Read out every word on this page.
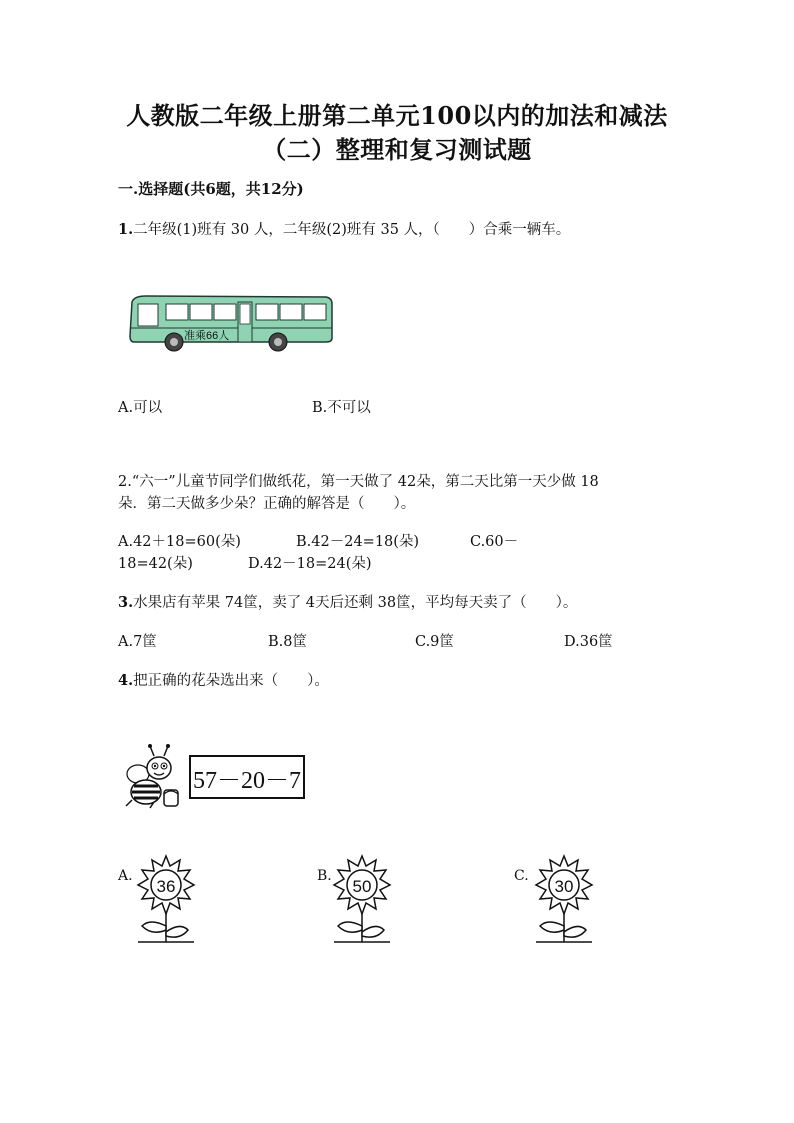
人教版二年级上册第二单元100以内的加法和减法
（二）整理和复习测试题
一.选择题(共6题，共12分)
1.二年级(1)班有 30 人，二年级(2)班有 35 人，（　　）合乘一辆车。
准乘66人
A.可以	B.不可以
2.“六一”儿童节同学们做纸花，第一天做了 42朵，第二天比第一天少做 18
朵．第二天做多少朵？正确的解答是（　　）。
A.42＋18=60(朵)	B.42－24=18(朵)	C.60－
18=42(朵)	D.42－18=24(朵)
3.水果店有苹果 74筐，卖了 4天后还剩 38筐，平均每天卖了（　　）。
A.7筐	B.8筐	C.9筐	D.36筐
4.把正确的花朵选出来（　　）。
57－20－7
A.	B.	C.
36	50	30
